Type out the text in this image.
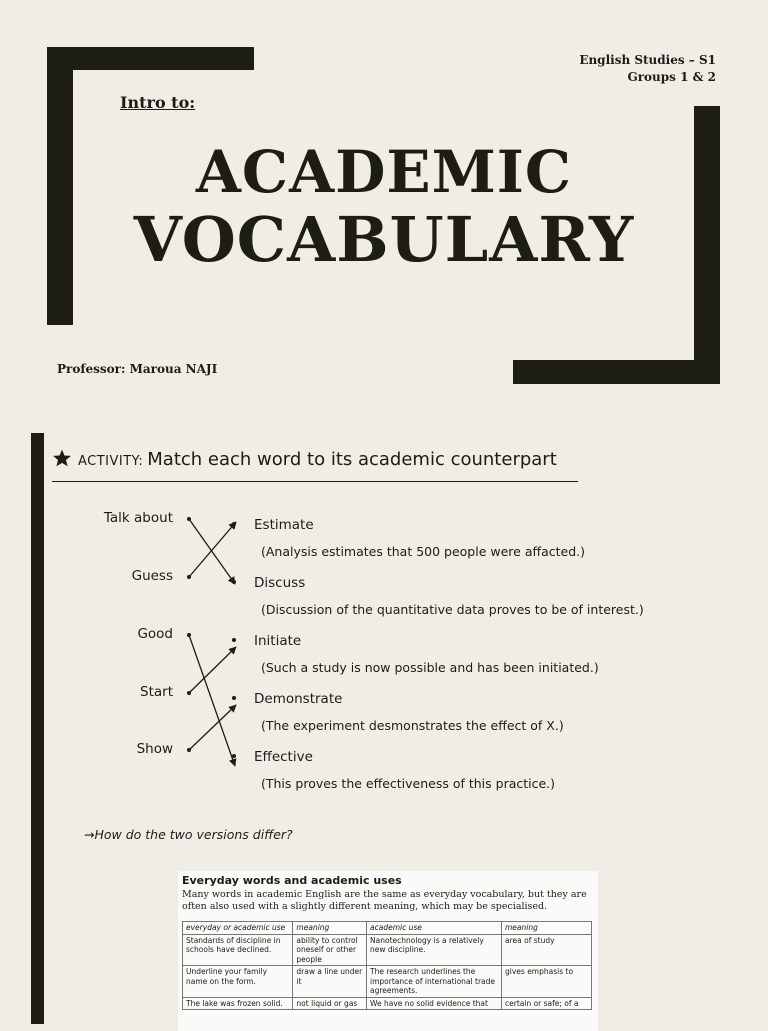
English Studies – S1
Groups 1 & 2
Intro to:
ACADEMIC
VOCABULARY
Professor: Maroua NAJI
ACTIVITY: Match each word to its academic counterpart
Talk about
Guess
Good
Start
Show
Estimate
(Analysis estimates that 500 people were affacted.)
Discuss
(Discussion of the quantitative data proves to be of interest.)
Initiate
(Such a study is now possible and has been initiated.)
Demonstrate
(The experiment desmonstrates the effect of X.)
Effective
(This proves the effectiveness of this practice.)
→How do the two versions differ?
Everyday words and academic uses
Many words in academic English are the same as everyday vocabulary, but they are often also used with a slightly different meaning, which may be specialised.
everyday or academic use	meaning	academic use	meaning
Standards of discipline in schools have declined.	ability to control oneself or other people	Nanotechnology is a relatively new discipline.	area of study
Underline your family name on the form.	draw a line under it	The research underlines the importance of international trade agreements.	gives emphasis to
The lake was frozen solid.	not liquid or gas	We have no solid evidence that	certain or safe; of a
